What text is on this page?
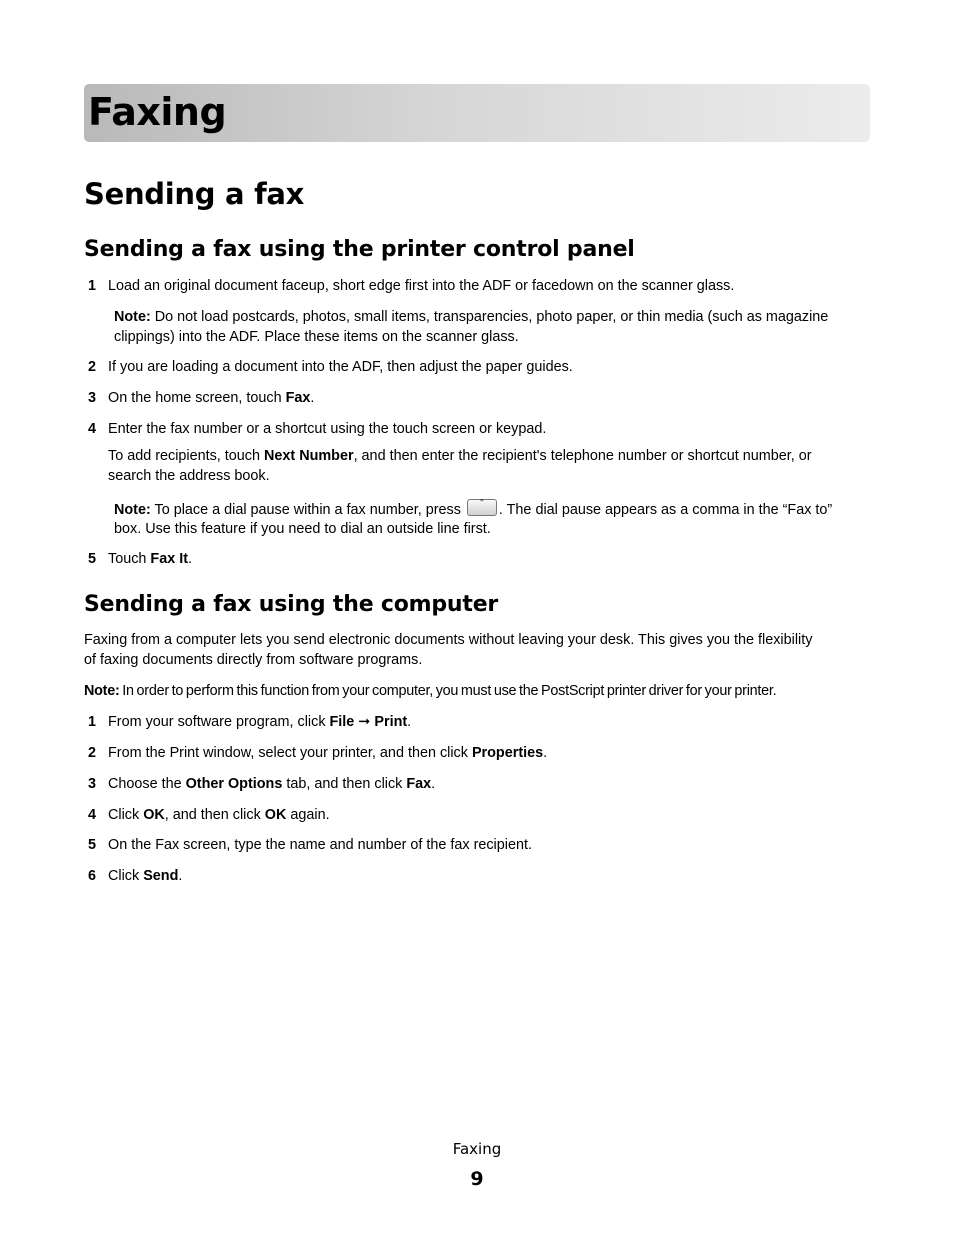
Faxing
Sending a fax
Sending a fax using the printer control panel
1 Load an original document faceup, short edge first into the ADF or facedown on the scanner glass.

Note: Do not load postcards, photos, small items, transparencies, photo paper, or thin media (such as magazine

clippings) into the ADF. Place these items on the scanner glass.

2 If you are loading a document into the ADF, then adjust the paper guides.

3 On the home screen, touch Fax.

4 Enter the fax number or a shortcut using the touch screen or keypad.

To add recipients, touch Next Number, and then enter the recipient's telephone number or shortcut number, or

search the address book.

Note: To place a dial pause within a fax number, press	"	. The dial pause appears as a comma in the “Fax to”

box. Use this feature if you need to dial an outside line first.

5 Touch Fax It.

Sending a fax using the computer

Faxing from a computer lets you send electronic documents without leaving your desk. This gives you the flexibility

of faxing documents directly from software programs.

Note: In order to perform this function from your computer, you must use the PostScript printer driver for your printer.

1 From your software program, click File ➞ Print.

2 From the Print window, select your printer, and then click Properties.

3 Choose the Other Options tab, and then click Fax.

4 Click OK, and then click OK again.

5 On the Fax screen, type the name and number of the fax recipient.

6 Click Send.

Faxing
9
